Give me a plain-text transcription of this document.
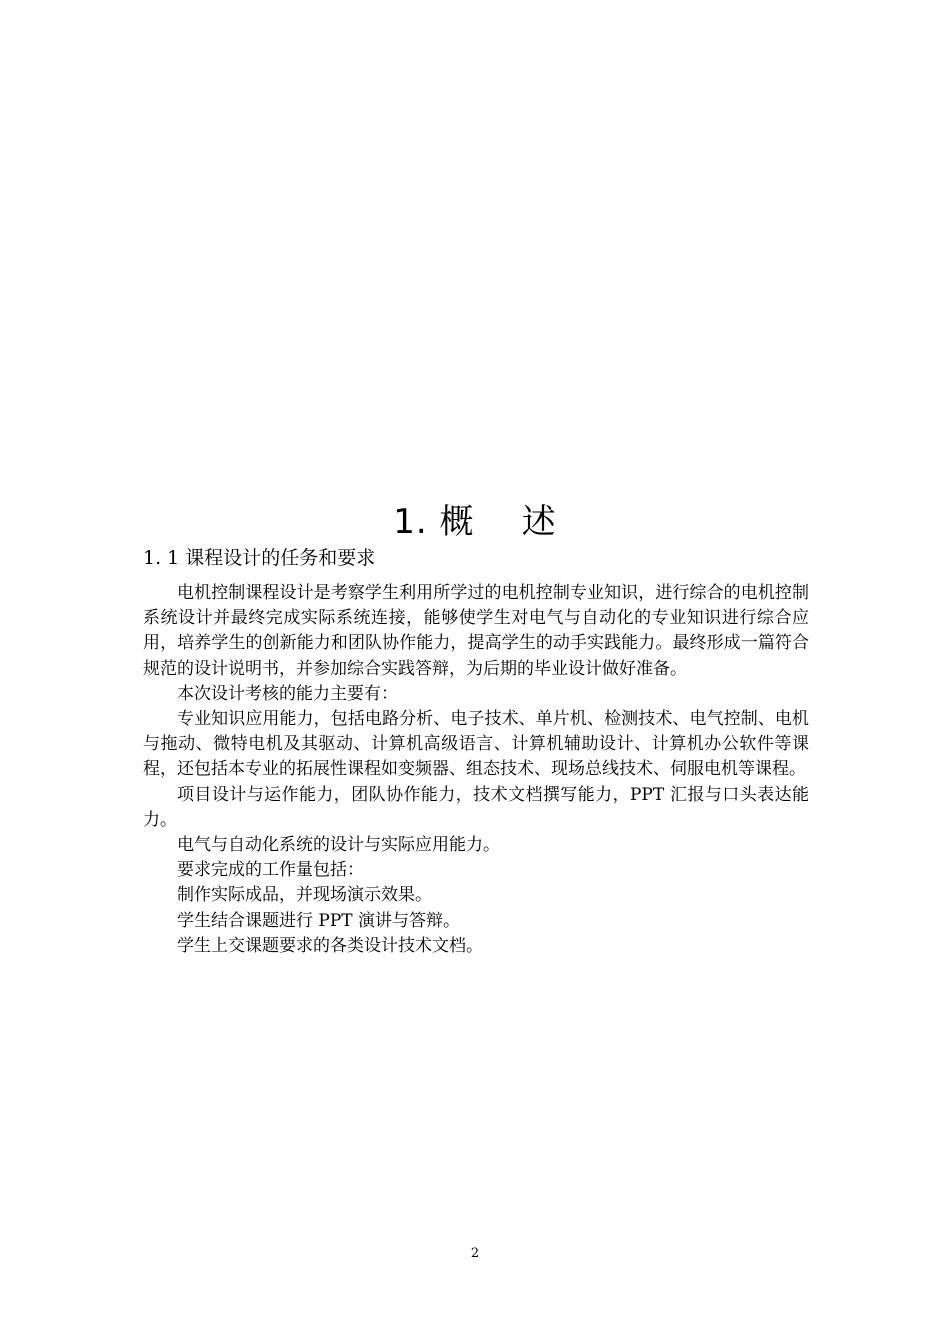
1. 概    述
1. 1 课程设计的任务和要求

电机控制课程设计是考察学生利用所学过的电机控制专业知识，进行综合的电机控制系统设计并最终完成实际系统连接，能够使学生对电气与自动化的专业知识进行综合应用，培养学生的创新能力和团队协作能力，提高学生的动手实践能力。最终形成一篇符合规范的设计说明书，并参加综合实践答辩，为后期的毕业设计做好准备。

本次设计考核的能力主要有：

专业知识应用能力，包括电路分析、电子技术、单片机、检测技术、电气控制、电机与拖动、微特电机及其驱动、计算机高级语言、计算机辅助设计、计算机办公软件等课程，还包括本专业的拓展性课程如变频器、组态技术、现场总线技术、伺服电机等课程。

项目设计与运作能力，团队协作能力，技术文档撰写能力，PPT 汇报与口头表达能力。

电气与自动化系统的设计与实际应用能力。

要求完成的工作量包括：

制作实际成品，并现场演示效果。

学生结合课题进行 PPT 演讲与答辩。

学生上交课题要求的各类设计技术文档。

2
